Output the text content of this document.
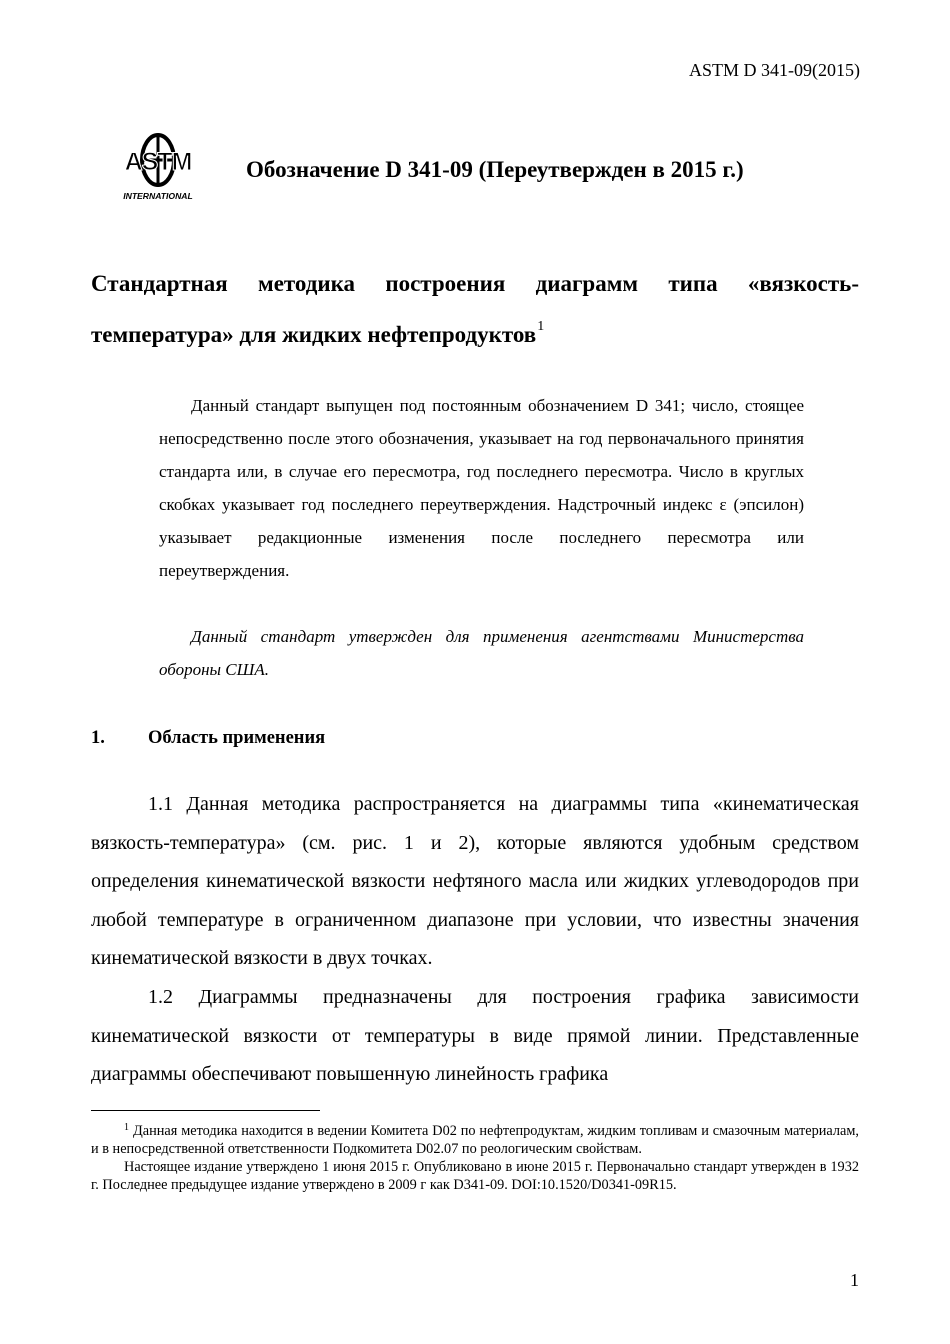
ASTM D 341-09(2015)
ASTM
INTERNATIONAL
Обозначение D 341-09 (Переутвержден в 2015 г.)
Стандартная методика построения диаграмм типа «вязкость-температура» для жидких нефтепродуктов$^1$

Данный стандарт выпущен под постоянным обозначением D 341; число, стоящее непосредственно после этого обозначения, указывает на год первоначального принятия стандарта или, в случае его пересмотра, год последнего пересмотра. Число в круглых скобках указывает год последнего переутверждения. Надстрочный индекс ε (эпсилон) указывает редакционные изменения после последнего пересмотра или переутверждения.

Данный стандарт утвержден для применения агентствами Министерства обороны США.

1. Область применения

1.1 Данная методика распространяется на диаграммы типа «кинематическая вязкость-температура» (см. рис. 1 и 2), которые являются удобным средством определения кинематической вязкости нефтяного масла или жидких углеводородов при любой температуре в ограниченном диапазоне при условии, что известны значения кинематической вязкости в двух точках.

1.2 Диаграммы предназначены для построения графика зависимости кинематической вязкости от температуры в виде прямой линии. Представленные диаграммы обеспечивают повышенную линейность графика

$^1$ Данная методика находится в ведении Комитета D02 по нефтепродуктам, жидким топливам и смазочным материалам, и в непосредственной ответственности Подкомитета D02.07 по реологическим свойствам.

Настоящее издание утверждено 1 июня 2015 г. Опубликовано в июне 2015 г. Первоначально стандарт утвержден в 1932 г. Последнее предыдущее издание утверждено в 2009 г как D341-09. DOI:10.1520/D0341-09R15.

1
